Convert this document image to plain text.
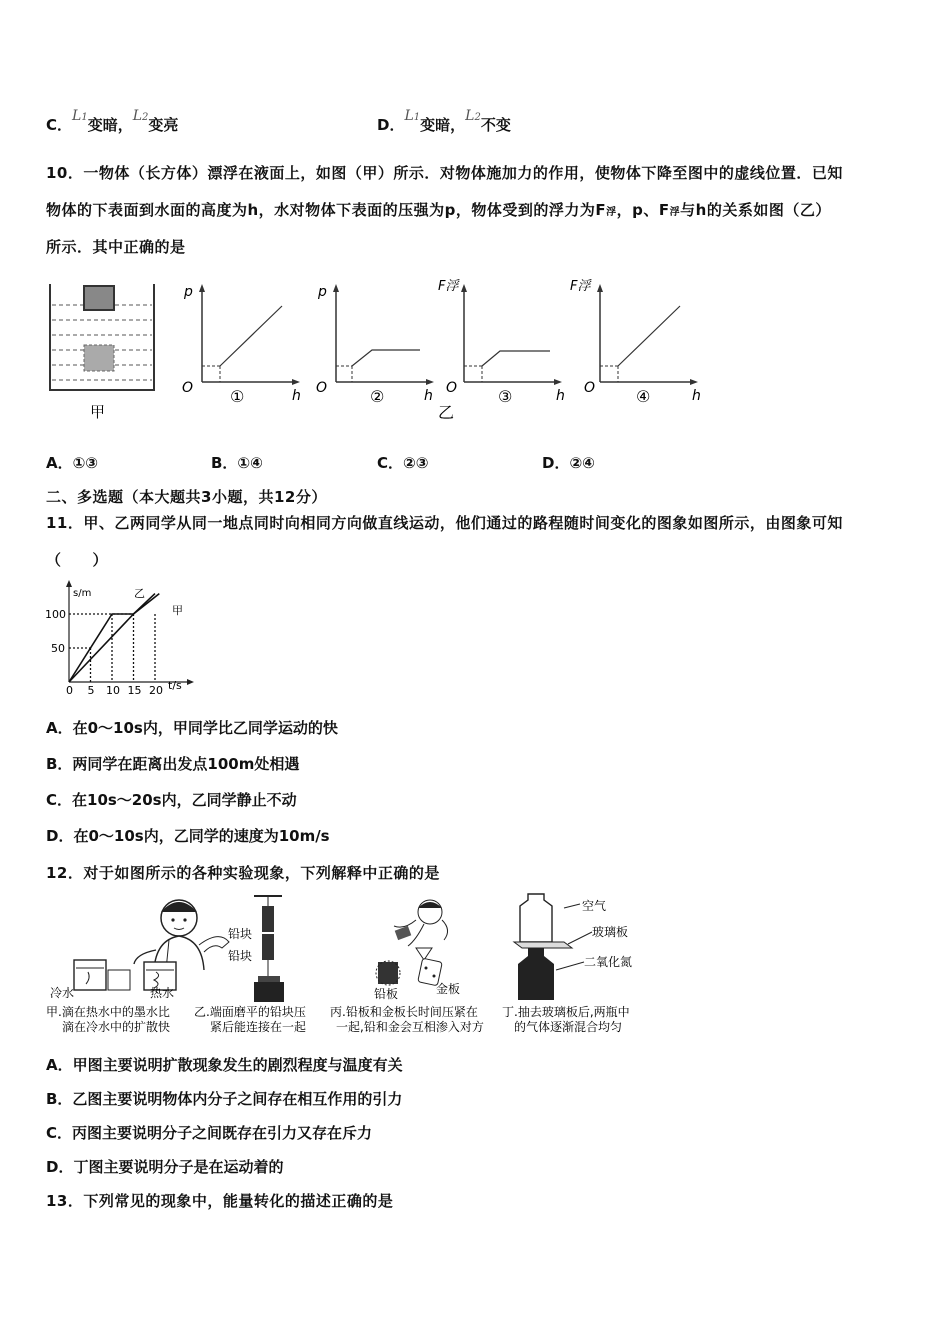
C．L1变暗，L2变亮	D．L1变暗，L2不变
10．一物体（长方体）漂浮在液面上，如图（甲）所示．对物体施加力的作用，使物体下降至图中的虚线位置．已知
物体的下表面到水面的高度为h，水对物体下表面的压强为p，物体受到的浮力为F浮，p、F浮与h的关系如图（乙）
所示．其中正确的是
甲
p
O	h
①
p
O	h
②
F浮
O	h
③
乙
F浮
O	h
④
A．①③	B．①④	C．②③	D．②④
二、多选题（本大题共3小题，共12分）
11．甲、乙两同学从同一地点同时向相同方向做直线运动，他们通过的路程随时间变化的图象如图所示，由图象可知
（　　）
s/m
t/s
0 5 10 15 20
50
100
乙
甲
A．在0～10s内，甲同学比乙同学运动的快
B．两同学在距离出发点100m处相遇
C．在10s～20s内，乙同学静止不动
D．在0～10s内，乙同学的速度为10m/s
12．对于如图所示的各种实验现象，下列解释中正确的是
冷水	热水
甲.滴在热水中的墨水比
滴在冷水中的扩散快
铅块
铅块
乙.端面磨平的铅块压
紧后能连接在一起
铅板	金板
丙.铅板和金板长时间压紧在
一起,铅和金会互相渗入对方
空气
玻璃板
二氧化氮
丁.抽去玻璃板后,两瓶中
的气体逐渐混合均匀
A．甲图主要说明扩散现象发生的剧烈程度与温度有关
B．乙图主要说明物体内分子之间存在相互作用的引力
C．丙图主要说明分子之间既存在引力又存在斥力
D．丁图主要说明分子是在运动着的
13．下列常见的现象中，能量转化的描述正确的是
